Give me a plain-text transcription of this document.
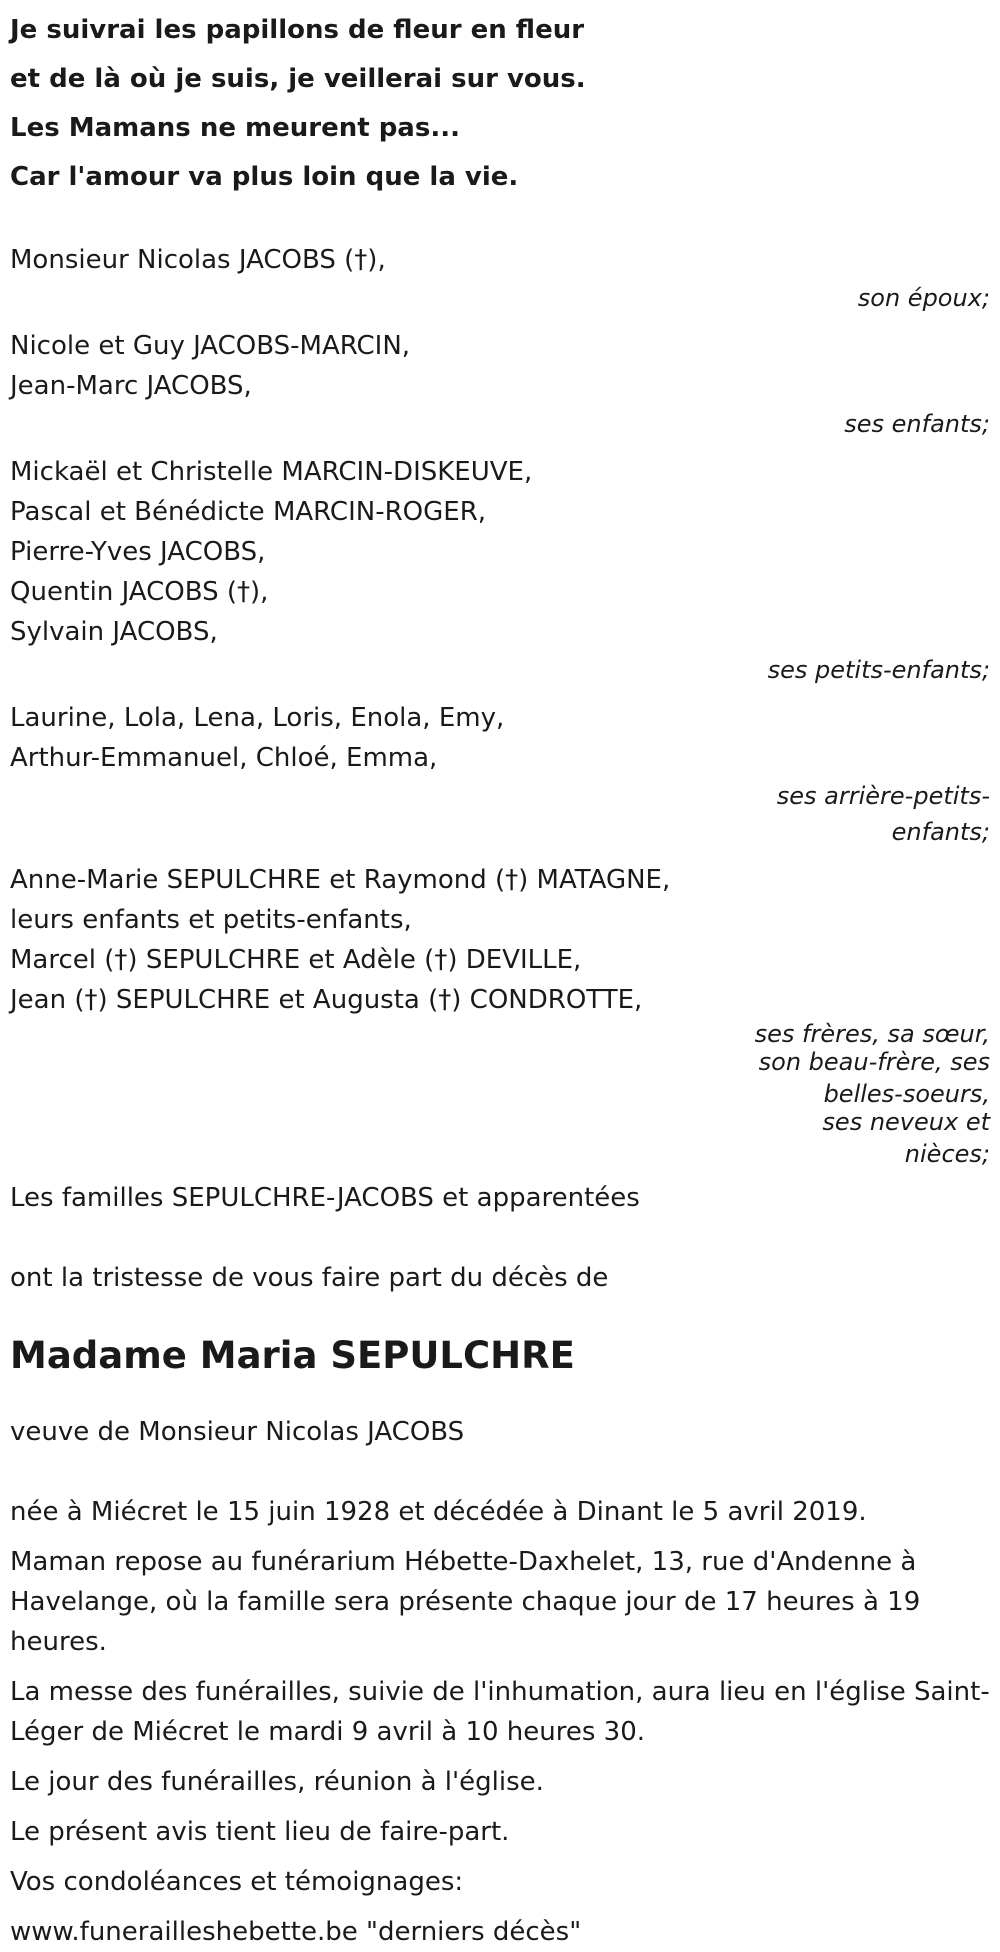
Je suivrai les papillons de fleur en fleur

et de là où je suis, je veillerai sur vous.

Les Mamans ne meurent pas...

Car l'amour va plus loin que la vie.

Monsieur Nicolas JACOBS (†),

son époux;

Nicole et Guy JACOBS-MARCIN,

Jean-Marc JACOBS,

ses enfants;

Mickaël et Christelle MARCIN-DISKEUVE,

Pascal et Bénédicte MARCIN-ROGER,

Pierre-Yves JACOBS,

Quentin JACOBS (†),

Sylvain JACOBS,

ses petits-enfants;

Laurine, Lola, Lena, Loris, Enola, Emy,

Arthur-Emmanuel, Chloé, Emma,

ses arrière-petits-
enfants;

Anne-Marie SEPULCHRE et Raymond (†) MATAGNE,

leurs enfants et petits-enfants,

Marcel (†) SEPULCHRE et Adèle (†) DEVILLE,

Jean (†) SEPULCHRE et Augusta (†) CONDROTTE,

ses frères, sa sœur,
son beau-frère, ses
belles-soeurs,
ses neveux et
nièces;

Les familles SEPULCHRE-JACOBS et apparentées

ont la tristesse de vous faire part du décès de

Madame Maria SEPULCHRE

veuve de Monsieur Nicolas JACOBS

née à Miécret le 15 juin 1928 et décédée à Dinant le 5 avril 2019.

Maman repose au funérarium Hébette-Daxhelet, 13, rue d'Andenne à Havelange, où la famille sera présente chaque jour de 17 heures à 19 heures.

La messe des funérailles, suivie de l'inhumation, aura lieu en l'église Saint-Léger de Miécret le mardi 9 avril à 10 heures 30.

Le jour des funérailles, réunion à l'église.

Le présent avis tient lieu de faire-part.

Vos condoléances et témoignages:

www.funerailleshebette.be "derniers décès"
